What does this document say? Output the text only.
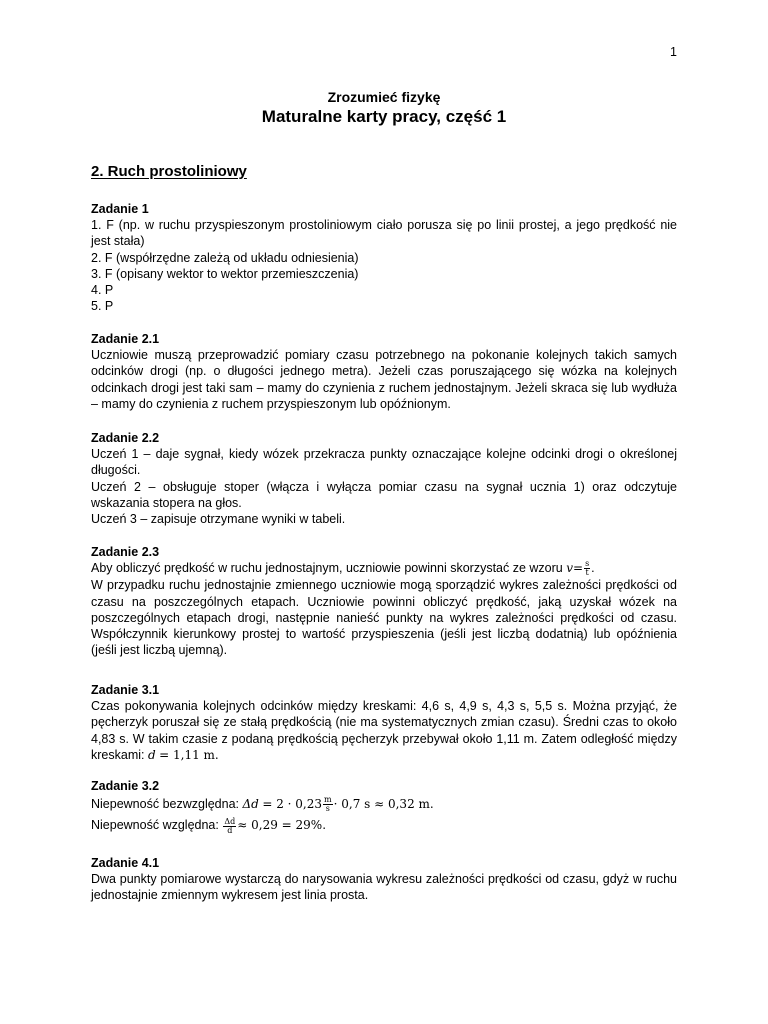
1
Zrozumieć fizykę
Maturalne karty pracy, część 1
2. Ruch prostoliniowy
Zadanie 1
1. F (np. w ruchu przyspieszonym prostoliniowym ciało porusza się po linii prostej, a jego prędkość nie jest stała)
2. F (współrzędne zależą od układu odniesienia)
3. F (opisany wektor to wektor przemieszczenia)
4. P
5. P
Zadanie 2.1
Uczniowie muszą przeprowadzić pomiary czasu potrzebnego na pokonanie kolejnych takich samych odcinków drogi (np. o długości jednego metra). Jeżeli czas poruszającego się wózka na kolejnych odcinkach drogi jest taki sam – mamy do czynienia z ruchem jednostajnym. Jeżeli skraca się lub wydłuża – mamy do czynienia z ruchem przyspieszonym lub opóźnionym.
Zadanie 2.2
Uczeń 1 – daje sygnał, kiedy wózek przekracza punkty oznaczające kolejne odcinki drogi o określonej długości.
Uczeń 2 – obsługuje stoper (włącza i wyłącza pomiar czasu na sygnał ucznia 1) oraz odczytuje wskazania stopera na głos.
Uczeń 3 – zapisuje otrzymane wyniki w tabeli.
Zadanie 2.3
Aby obliczyć prędkość w ruchu jednostajnym, uczniowie powinni skorzystać ze wzoru $v= \frac{s}{t}$ .
W przypadku ruchu jednostajnie zmiennego uczniowie mogą sporządzić wykres zależności prędkości od czasu na poszczególnych etapach. Uczniowie powinni obliczyć prędkość, jaką uzyskał wózek na poszczególnych etapach drogi, następnie nanieść punkty na wykres zależności prędkości od czasu. Współczynnik kierunkowy prostej to wartość przyspieszenia (jeśli jest liczbą dodatnią) lub opóźnienia (jeśli jest liczbą ujemną).
Zadanie 3.1
Czas pokonywania kolejnych odcinków między kreskami: 4,6 s, 4,9 s, 4,3 s, 5,5 s. Można przyjąć, że pęcherzyk poruszał się ze stałą prędkością (nie ma systematycznych zmian czasu). Średni czas to około 4,83 s. W takim czasie z podaną prędkością pęcherzyk przebywał około 1,11 m. Zatem odległość między kreskami: d = 1,11 m.
Zadanie 3.2
Niepewność bezwzględna: $\Delta d = 2 \cdot 0,23 \frac{m}{s} \cdot 0,7$ s ≈ 0,32 m.
Niepewność względna: $\frac{\Delta d}{d} \approx 0,29 = 29\%$.
Zadanie 4.1
Dwa punkty pomiarowe wystarczą do narysowania wykresu zależności prędkości od czasu, gdyż w ruchu jednostajnie zmiennym wykresem jest linia prosta.
